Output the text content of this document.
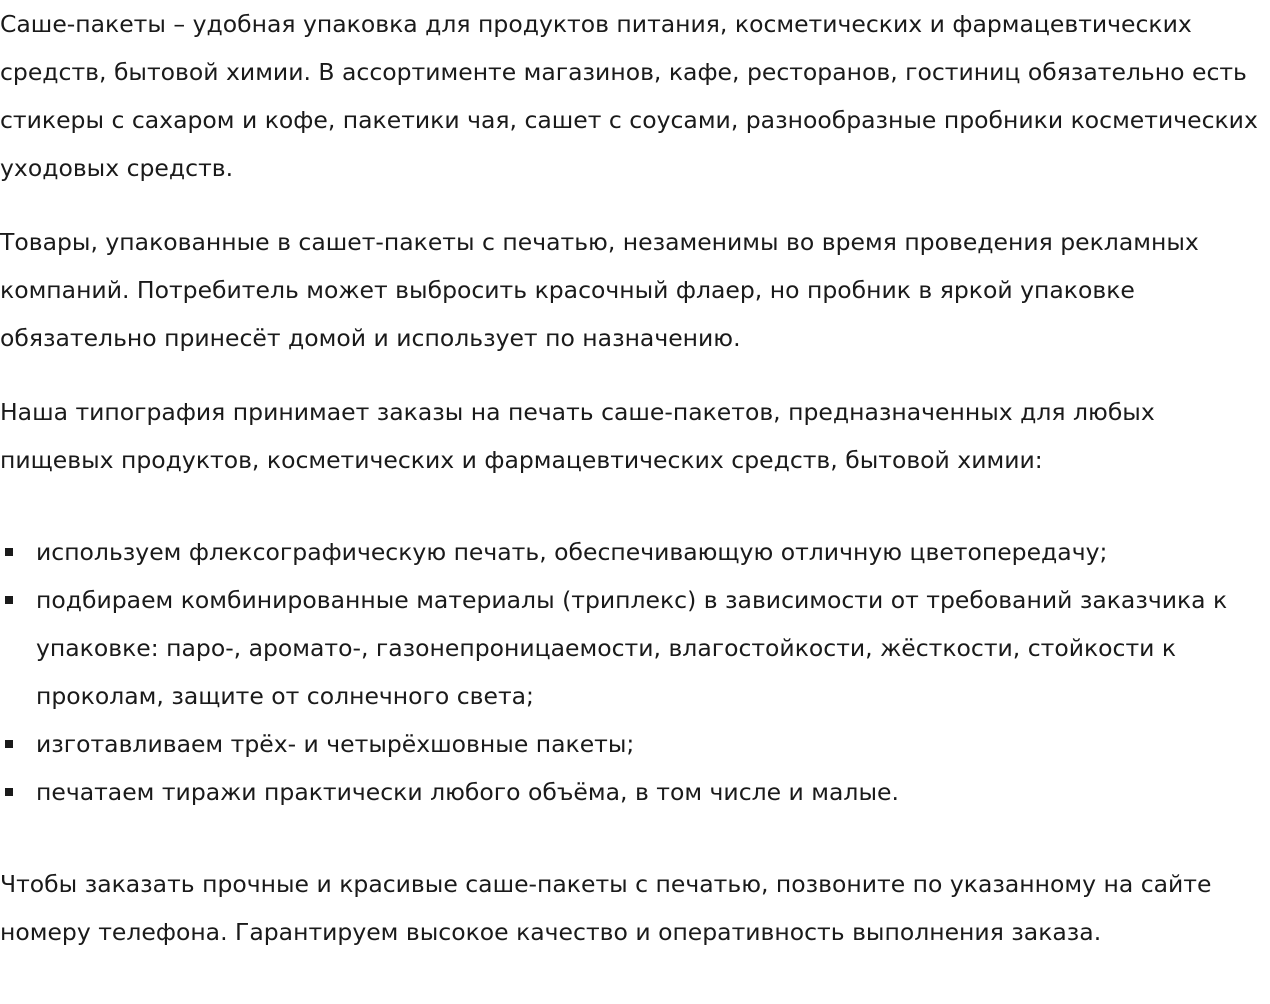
Саше-пакеты – удобная упаковка для продуктов питания, косметических и фармацевтических средств, бытовой химии. В ассортименте магазинов, кафе, ресторанов, гостиниц обязательно есть стикеры с сахаром и кофе, пакетики чая, сашет с соусами, разнообразные пробники косметических уходовых средств.

Товары, упакованные в сашет-пакеты с печатью, незаменимы во время проведения рекламных компаний. Потребитель может выбросить красочный флаер, но пробник в яркой упаковке обязательно принесёт домой и использует по назначению.

Наша типография принимает заказы на печать саше-пакетов, предназначенных для любых пищевых продуктов, косметических и фармацевтических средств, бытовой химии:

используем флексографическую печать, обеспечивающую отличную цветопередачу;
подбираем комбинированные материалы (триплекс) в зависимости от требований заказчика к упаковке: паро-, аромато-, газонепроницаемости, влагостойкости, жёсткости, стойкости к проколам, защите от солнечного света;
изготавливаем трёх- и четырёхшовные пакеты;
печатаем тиражи практически любого объёма, в том числе и малые.

Чтобы заказать прочные и красивые саше-пакеты с печатью, позвоните по указанному на сайте номеру телефона. Гарантируем высокое качество и оперативность выполнения заказа.
